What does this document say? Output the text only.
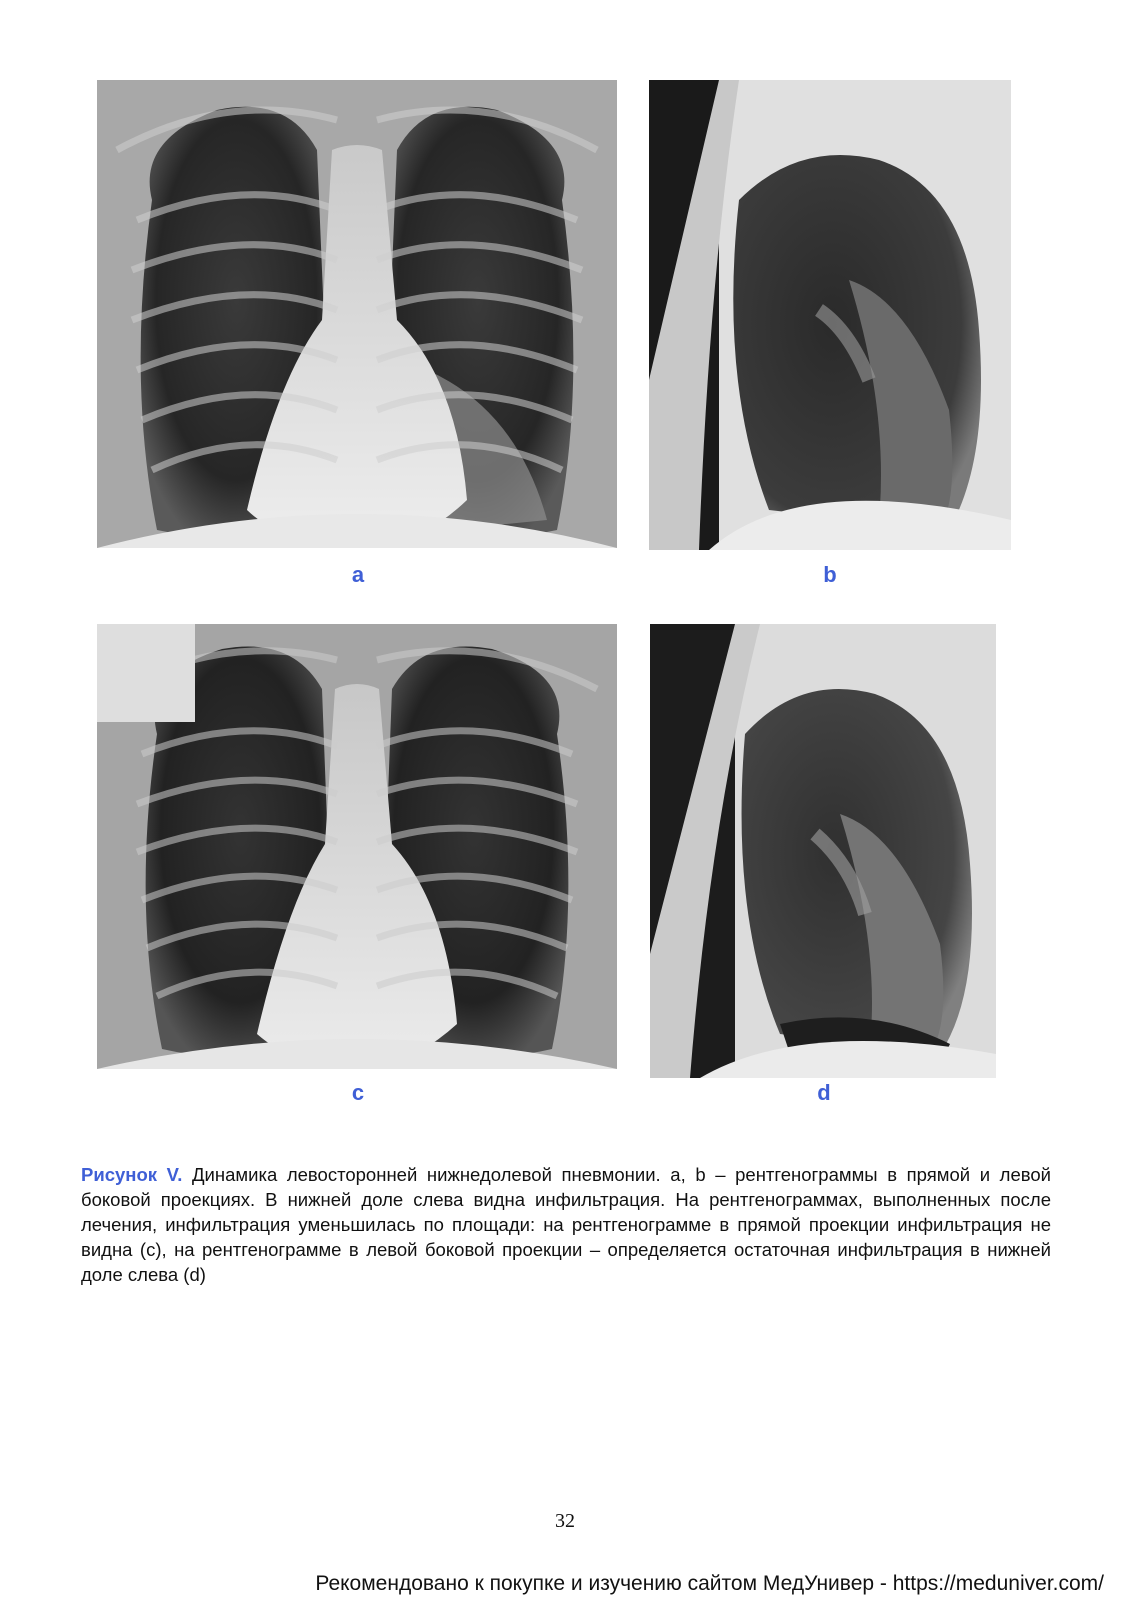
a	b
c	d
Рисунок V. Динамика левосторонней нижнедолевой пневмонии. a, b – рентгенограммы в прямой и левой боковой проекциях. В нижней доле слева видна инфильтрация. На рентгенограммах, выполненных после лечения, инфильтрация уменьшилась по площади: на рентгенограмме в прямой проекции инфильтрация не видна (c), на рентгенограмме в левой боковой проекции – определяется остаточная инфильтрация в нижней доле слева (d)
32
Рекомендовано к покупке и изучению сайтом МедУнивер - https://meduniver.com/
